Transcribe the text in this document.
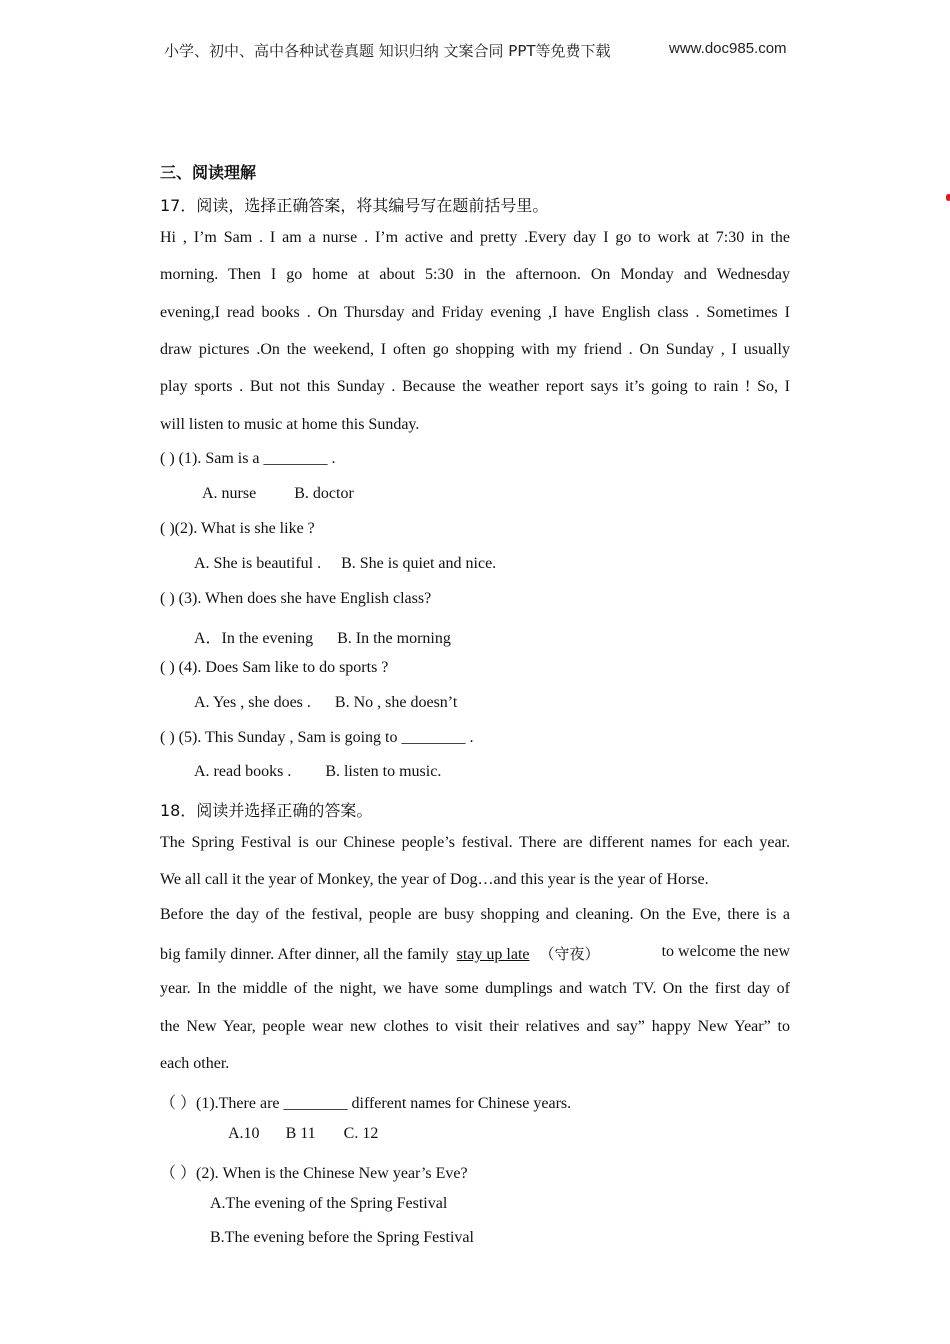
小学、初中、高中各种试卷真题 知识归纳 文案合同 PPT等免费下载	www.doc985.com
三、阅读理解
17．阅读，选择正确答案，将其编号写在题前括号里。
Hi , I’m Sam . I am a nurse . I’m active and pretty .Every day I go to work at 7:30 in the
morning. Then I go home at about 5:30 in the afternoon. On Monday and Wednesday
evening,I read books . On Thursday and Friday evening ,I have English class . Sometimes I
draw pictures .On the weekend, I often go shopping with my friend . On Sunday , I usually
play sports . But not this Sunday . Because the weather report says it’s going to rain ! So, I
will listen to music at home this Sunday.
( ) (1). Sam is a ________ .
A. nurse B. doctor
( )(2). What is she like ?
A. She is beautiful . B. She is quiet and nice.
( ) (3). When does she have English class?
A．In the evening B. In the morning
( ) (4). Does Sam like to do sports ?
A. Yes , she does . B. No , she doesn’t
( ) (5). This Sunday , Sam is going to ________ .
A. read books . B. listen to music.
18．阅读并选择正确的答案。
The Spring Festival is our Chinese people’s festival. There are different names for each year.
We all call it the year of Monkey, the year of Dog…and this year is the year of Horse.
Before the day of the festival, people are busy shopping and cleaning. On the Eve, there is a
big family dinner. After dinner, all the family stay up late （守夜）	to welcome the new
year. In the middle of the night, we have some dumplings and watch TV. On the first day of
the New Year, people wear new clothes to visit their relatives and say” happy New Year” to
each other.
（ ）(1).There are ________ different names for Chinese years.
A.10 B 11 C. 12
（ ）(2). When is the Chinese New year’s Eve?
A.The evening of the Spring Festival
B.The evening before the Spring Festival
